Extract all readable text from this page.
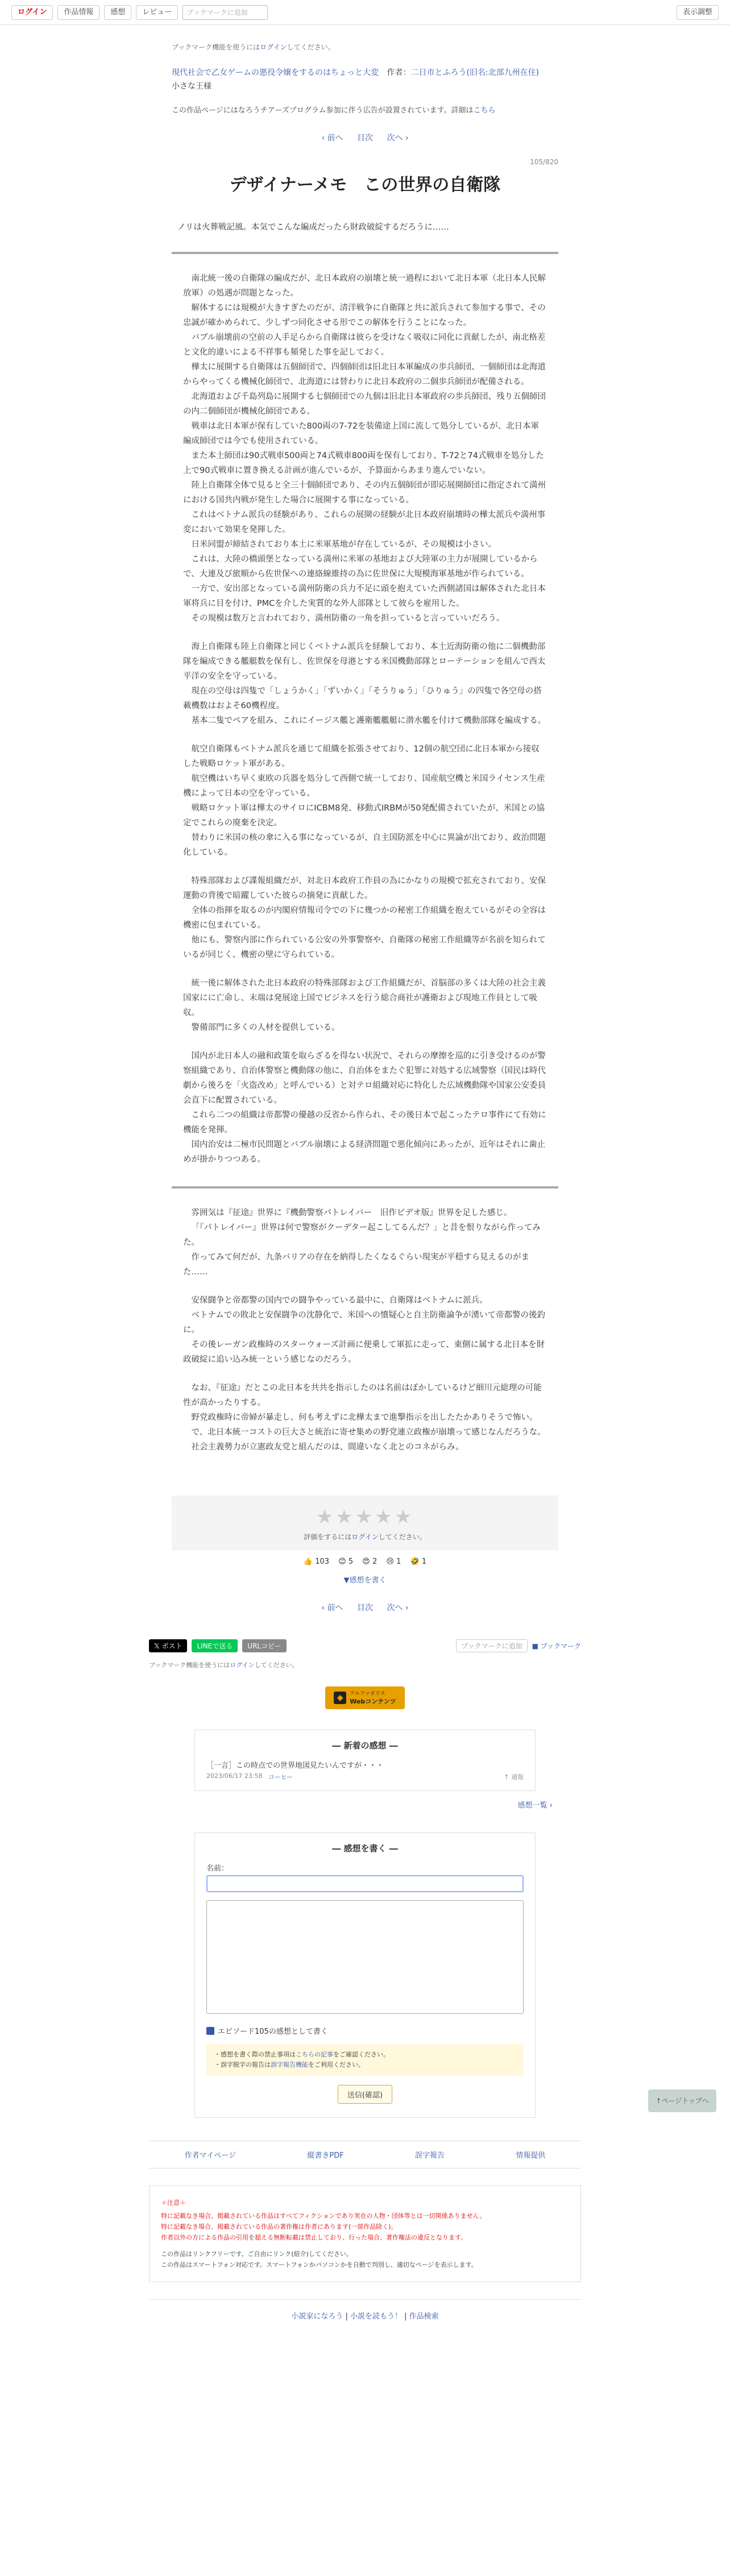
ログイン	作品情報	感想	レビュー	ブックマークに追加	表示調整
ブックマーク機能を使うにはログインしてください。
現代社会で乙女ゲームの悪役令嬢をするのはちょっと大変 作者：二日市とふろう(旧名:北部九州在住)
小さな王様
この作品ページにはなろうチアーズプログラム参加に伴う広告が設置されています。詳細はこちら
‹ 前へ 目次 次へ ›
105/820
デザイナーメモ　この世界の自衛隊
ノリは火葬戦記風。本気でこんな編成だったら財政破綻するだろうに……

南北統一後の自衛隊の編成だが、北日本政府の崩壊と統一過程において北日本軍（北日本人民解放軍）の処遇が問題となった。

解体するには規模が大きすぎたのだが、清洋戦争に自衛隊と共に派兵されて参加する事で、その忠誠が確かめられて、少しずつ同化させる形でこの解体を行うことになった。

バブル崩壊前の空前の人手足らから自衛隊は彼らを受けなく吸収に同化に貢献したが、南北格差と文化的違いによる不祥事も頻発した事を記しておく。

樺太に展開する自衛隊は五個師団で、四個師団は旧北日本軍編成の歩兵師団、一個師団は北海道からやってくる機械化師団で、北海道には替わりに北日本政府の二個歩兵師団が配備される。

北海道および千島列島に展開する七個師団での九個は旧北日本軍政府の歩兵師団、残り五個師団の内二個師団が機械化師団である。

戦車は北日本軍が保有していた800両の7-72を装備途上国に流して処分しているが、北日本軍編成師団では今でも使用されている。

また本土師団は90式戦車500両と74式戦車800両を保有しており、T-72と74式戦車を処分した上で90式戦車に置き換える計画が進んでいるが、予算面からあまり進んでいない。

陸上自衛隊全体で見ると全三十個師団であり、その内五個師団が即応展開師団に指定されて満州における国共内戦が発生した場合に展開する事になっている。

これはベトナム派兵の経験があり、これらの展開の経験が北日本政府崩壊時の樺太派兵や満州事変において効果を発揮した。

日米同盟が締結されており本土に米軍基地が存在しているが、その規模は小さい。

これは、大陸の橋頭堡となっている満州に米軍の基地および大陸軍の主力が展開しているからで、大連及び旅順から佐世保への連絡線維持の為に佐世保に大規模海軍基地が作られている。

一方で、安出部となっている満州防衛の兵力不足に頭を抱えていた西側諸国は解体された北日本軍将兵に目を付け、PMCを介した実質的な外人部隊として彼らを雇用した。

その規模は数万と言われており、満州防衛の一角を担っていると言っていいだろう。

海上自衛隊も陸上自衛隊と同じくベトナム派兵を経験しており、本土近海防衛の他に二個機動部隊を編成できる艦艇数を保有し、佐世保を母港とする米国機動部隊とローテーションを組んで西太平洋の安全を守っている。

現在の空母は四隻で「しょうかく」「ずいかく」「そうりゅう」「ひりゅう」の四隻で各空母の搭載機数はおよそ60機程度。

基本二隻でペアを組み、これにイージス艦と護衛艦艦艇に潜水艦を付けて機動部隊を編成する。

航空自衛隊もベトナム派兵を通じて組織を拡張させており、12個の航空団に北日本軍から接収した戦略ロケット軍がある。

航空機はいち早く東欧の兵器を処分して西側で統一しており、国産航空機と米国ライセンス生産機によって日本の空を守っている。

戦略ロケット軍は樺太のサイロにICBM8発、移動式IRBMが50発配備されていたが、米国との協定でこれらの廃棄を決定。

替わりに米国の核の傘に入る事になっているが、自主国防派を中心に異論が出ており、政治問題化している。

特殊部隊および諜報組織だが、対北日本政府工作員の為にかなりの規模で拡充されており、安保運動の背後で暗躍していた彼らの摘発に貢献した。

全体の指揮を取るのが内閣府情報司令での下に幾つかの秘密工作組織を抱えているがその全容は機密に包まれている。

他にも、警察内部に作られている公安の外事警察や、自衛隊の秘密工作組織等が名前を知られているが同じく、機密の壁に守られている。

統一後に解体された北日本政府の特殊部隊および工作組織だが、首脳部の多くは大陸の社会主義国家にに亡命し、末端は発展途上国でビジネスを行う総合商社が護衛および現地工作員として吸収。

警備部門に多くの人材を提供している。

国内が北日本人の融和政策を取らざるを得ない状況で、それらの摩擦を巡的に引き受けるのが警察組織であり、自治体警察と機動隊の他に、自治体をまたぐ犯罪に対処する広域警察（国民は時代劇から後ろを「火盗改め」と呼んでいる）と対テロ組織対応に特化した広域機動隊や国家公安委員会直下に配置されている。

これら二つの組織は帝都警の優越の反省から作られ、その後日本で起こったテロ事件にて有効に機能を発揮。

国内治安は二極市民問題とバブル崩壊による経済問題で悪化傾向にあったが、近年はそれに歯止めが掛かりつつある。

雰囲気は『征途』世界に『機動警察パトレイバー　旧作ビデオ版』世界を足した感じ。

「『パトレイバー』世界は何で警察がクーデター起こしてるんだ？」と昔を恨りながら作ってみた。

作ってみて何だが、九条バリアの存在を納得したくなるぐらい現実が平穏すら見えるのがまた……

安保闘争と帝都警の国内での闘争やっている最中に、自衛隊はベトナムに派兵。

ベトナムでの敗北と安保闘争の沈静化で、米国への憤疑心と自主防衛論争が湧いて帝都警の後釣に。

その後レーガン政権時のスターウォーズ計画に便乗して軍拡に走って、東側に属する北日本を財政破綻に追い込み統一という感じなのだろう。

なお、『征途』だとこの北日本を共共を指示したのは名前はぼかしているけど細川元総理の可能性が高かったりする。

野党政権時に帝婦が暴走し、何も考えずに北樺太まで進撃指示を出したたかありそうで怖い。

で、北日本統一コストの巨大さと統治に寄せ集めの野党連立政権が崩壊って感じなんだろうな。

社会主義勢力が立憲政友党と組んだのは、間違いなく北とのコネがらみ。

★★★★★
評価をするにはログインしてください。
👍 103 😊 5 😍 2 😢 1 🤣 1
▼感想を書く
‹ 前へ 目次 次へ ›
𝕏 ポスト	LINEで送る	URLコピー	ブックマークに追加	■ ブックマーク
ブックマーク機能を使うにはログインしてください。
◆	アルファポリス
Webコンテンツ
― 新着の感想 ―
［一言］この時点での世界地図見たいんですが・・・
2023/06/17 23:58 コーヒー	↑ 通報
感想一覧 ›
― 感想を書く ―
名前：
エピソード105の感想として書く
・感想を書く際の禁止事項はこちらの記事をご確認ください。
・誤字脱字の報告は誤字報告機能をご利用ください。
送信(確認)
↑ページトップへ
作者マイページ	縦書きPDF	誤字報告	情報提供
＋注意＋
特に記載なき場合、掲載されている作品はすべてフィクションであり実在の人物・団体等とは一切関係ありません。
特に記載なき場合、掲載されている作品の著作権は作者にあります(一部作品除く)。
作者以外の方による作品の引用を超える無断転載は禁止しており、行った場合、著作権法の違反となります。
この作品はリンクフリーです。ご自由にリンク(紹介)してください。
この作品はスマートフォン対応です。スマートフォンかパソコンかを自動で判別し、適切なページを表示します。
小説家になろう | 小説を読もう！ | 作品検索
